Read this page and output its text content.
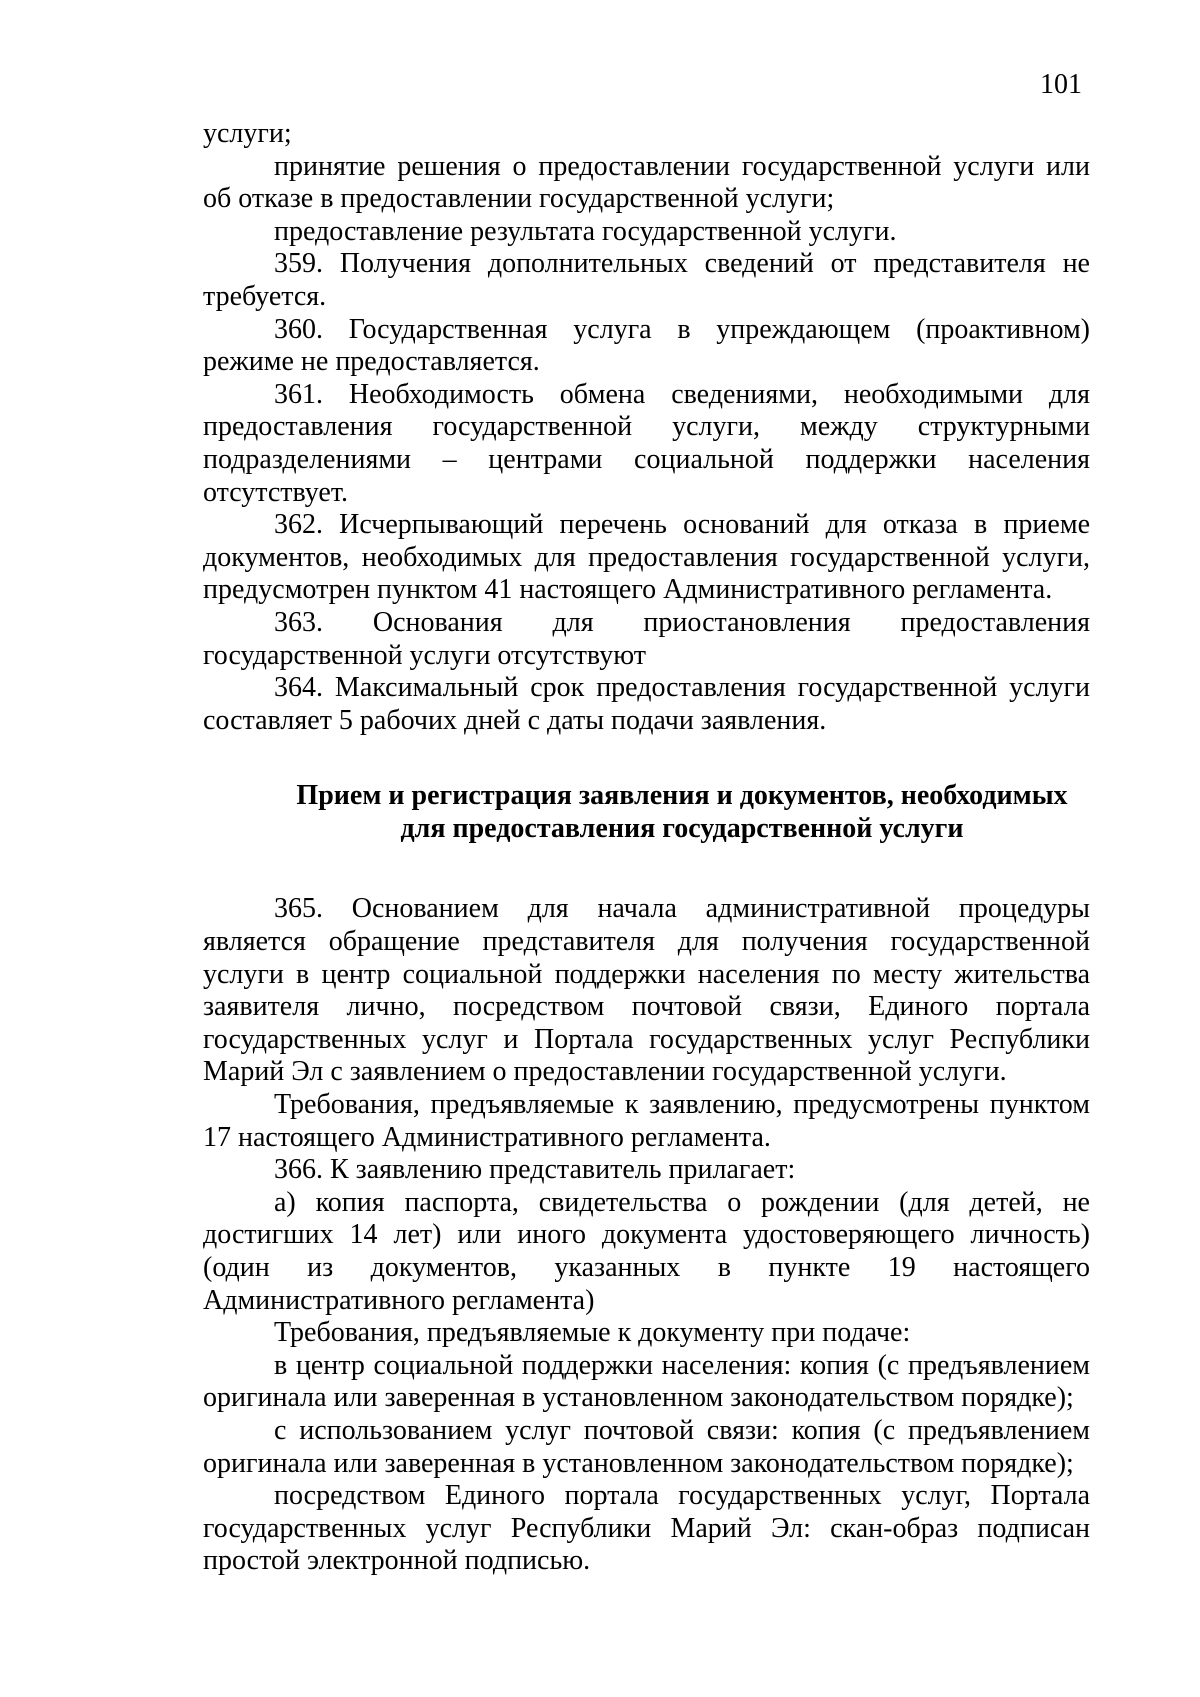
101

услуги;

принятие решения о предоставлении государственной услуги или об отказе в предоставлении государственной услуги;

предоставление результата государственной услуги.

359. Получения дополнительных сведений от представителя не требуется.

360. Государственная услуга в упреждающем (проактивном) режиме не предоставляется.

361. Необходимость обмена сведениями, необходимыми для предоставления государственной услуги, между структурными подразделениями – центрами социальной поддержки населения отсутствует.

362. Исчерпывающий перечень оснований для отказа в приеме документов, необходимых для предоставления государственной услуги, предусмотрен пунктом 41 настоящего Административного регламента.

363. Основания для приостановления предоставления государственной услуги отсутствуют

364. Максимальный срок предоставления государственной услуги составляет 5 рабочих дней с даты подачи заявления.

Прием и регистрация заявления и документов, необходимых
для предоставления государственной услуги

365. Основанием для начала административной процедуры является обращение представителя для получения государственной услуги в центр социальной поддержки населения по месту жительства заявителя лично, посредством почтовой связи, Единого портала государственных услуг и Портала государственных услуг Республики Марий Эл с заявлением о предоставлении государственной услуги.

Требования, предъявляемые к заявлению, предусмотрены пунктом 17 настоящего Административного регламента.

366. К заявлению представитель прилагает:

а) копия паспорта, свидетельства о рождении (для детей, не достигших 14 лет) или иного документа удостоверяющего личность) (один из документов, указанных в пункте 19 настоящего Административного регламента)

Требования, предъявляемые к документу при подаче:

в центр социальной поддержки населения: копия (с предъявлением оригинала или заверенная в установленном законодательством порядке);

с использованием услуг почтовой связи: копия (с предъявлением оригинала или заверенная в установленном законодательством порядке);

посредством Единого портала государственных услуг, Портала государственных услуг Республики Марий Эл: скан-образ подписан простой электронной подписью.
